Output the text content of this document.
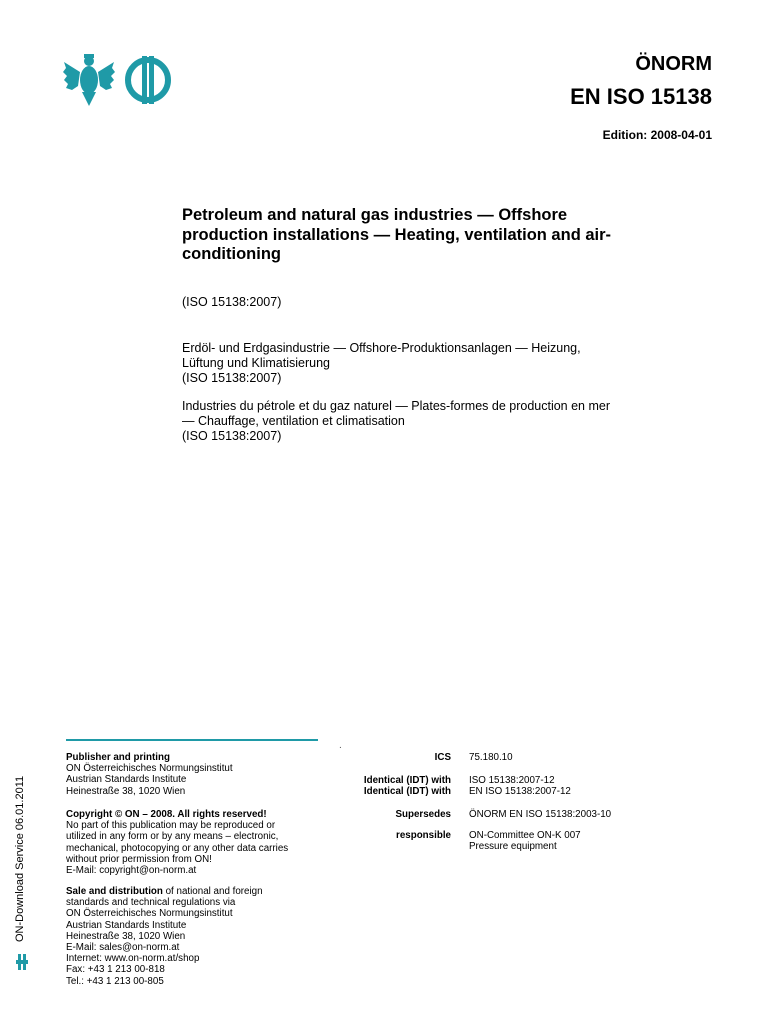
ÖNORM
EN ISO 15138
Edition: 2008-04-01
Petroleum and natural gas industries — Offshore production installations — Heating, ventilation and air-conditioning
(ISO 15138:2007)
Erdöl- und Erdgasindustrie — Offshore-Produktionsanlagen — Heizung, Lüftung und Klimatisierung
(ISO 15138:2007)
Industries du pétrole et du gaz naturel — Plates-formes de production en mer — Chauffage, ventilation et climatisation
(ISO 15138:2007)
ON-Download Service 06.01.2011
.
Publisher and printing
ON Österreichisches Normungsinstitut
Austrian Standards Institute
Heinestraße 38, 1020 Wien
Copyright © ON – 2008. All rights reserved!
No part of this publication may be reproduced or
utilized in any form or by any means – electronic,
mechanical, photocopying or any other data carries
without prior permission from ON!
E-Mail: copyright@on-norm.at
Sale and distribution of national and foreign
standards and technical regulations via
ON Österreichisches Normungsinstitut
Austrian Standards Institute
Heinestraße 38, 1020 Wien
E-Mail: sales@on-norm.at
Internet: www.on-norm.at/shop
Fax: +43 1 213 00-818
Tel.: +43 1 213 00-805
ICS 75.180.10
Identical (IDT) with ISO 15138:2007-12
Identical (IDT) with EN ISO 15138:2007-12
Supersedes ÖNORM EN ISO 15138:2003-10
responsible ON-Committee ON-K 007
Pressure equipment
